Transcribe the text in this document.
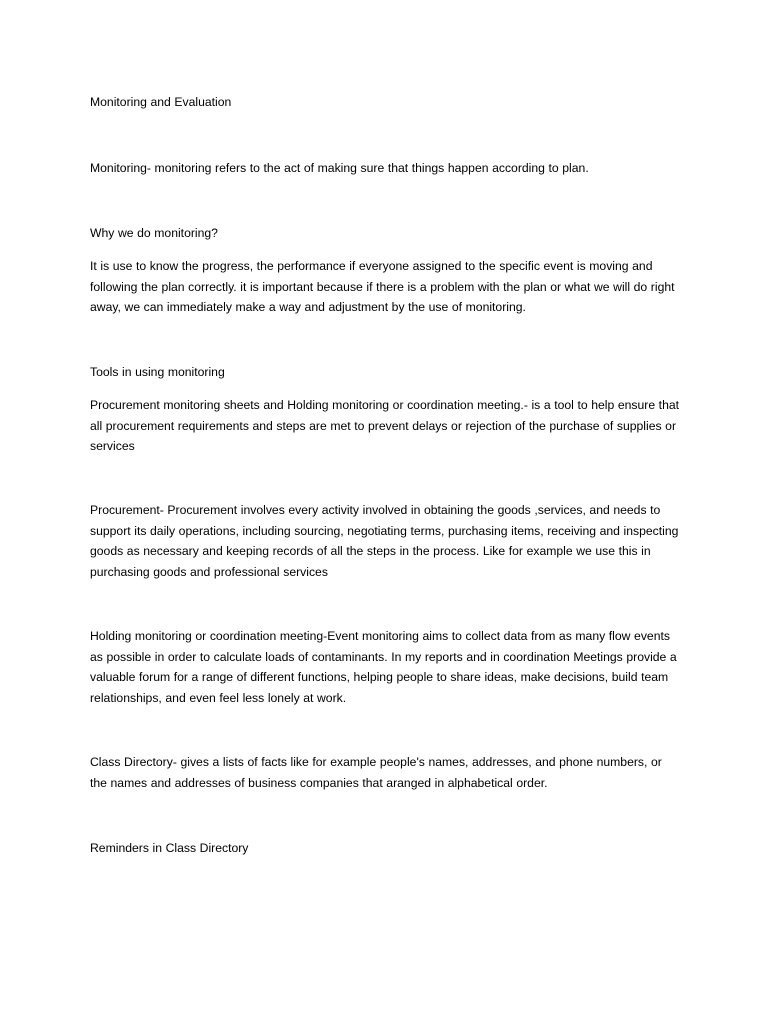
Monitoring and Evaluation

Monitoring- monitoring refers to the act of making sure that things happen according to plan.

Why we do monitoring?

It is use to know the progress, the performance if everyone assigned to the specific event is moving and following the plan correctly. it is important because if there is a problem with the plan or what we will do right away, we can immediately make a way and adjustment by the use of monitoring.

Tools in using monitoring

Procurement monitoring sheets and Holding monitoring or coordination meeting.- is a tool to help ensure that all procurement requirements and steps are met to prevent delays or rejection of the purchase of supplies or services

Procurement- Procurement involves every activity involved in obtaining the goods ,services, and needs to support its daily operations, including sourcing, negotiating terms, purchasing items, receiving and inspecting goods as necessary and keeping records of all the steps in the process. Like for example we use this in purchasing goods and professional services

Holding monitoring or coordination meeting-Event monitoring aims to collect data from as many flow events as possible in order to calculate loads of contaminants. In my reports and in coordination Meetings provide a valuable forum for a range of different functions, helping people to share ideas, make decisions, build team relationships, and even feel less lonely at work.

Class Directory- gives a lists of facts like for example people's names, addresses, and phone numbers, or the names and addresses of business companies that aranged in alphabetical order.

Reminders in Class Directory
